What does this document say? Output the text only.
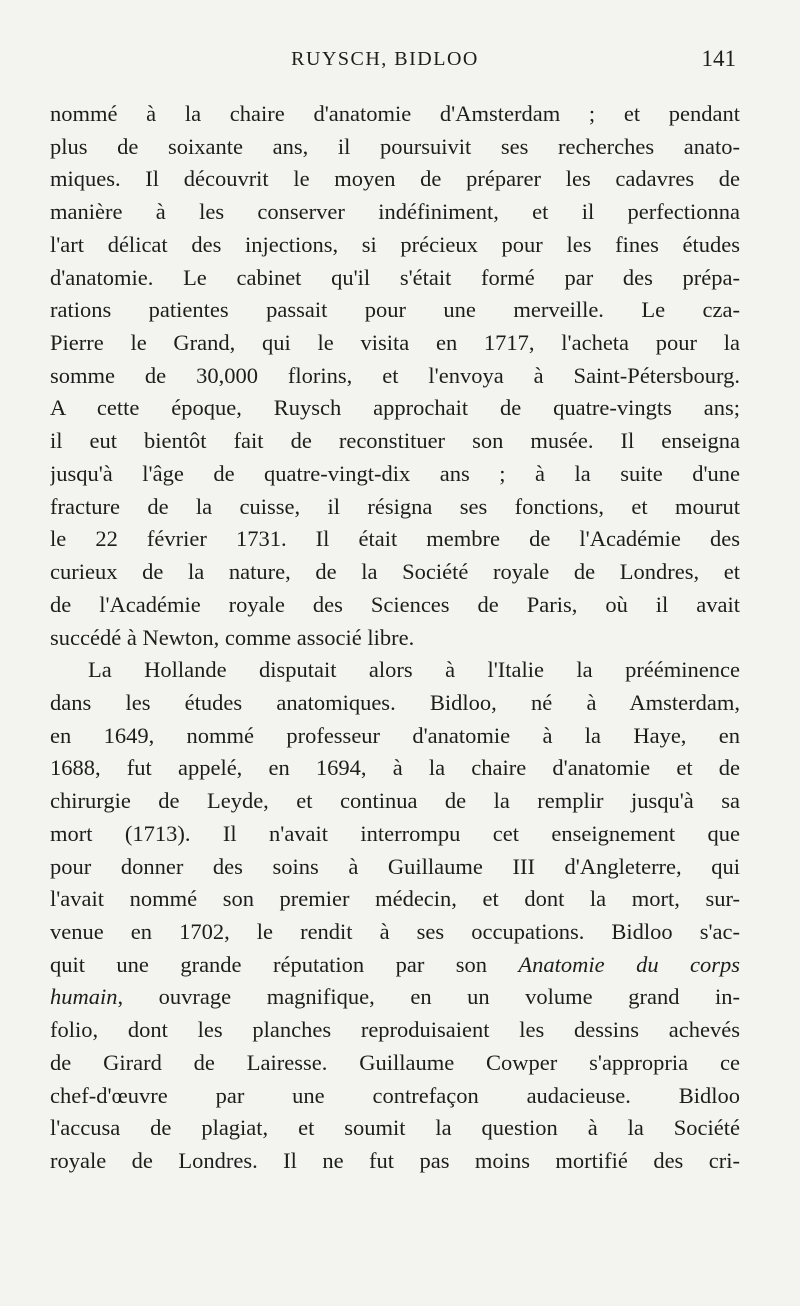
RUYSCH, BIDLOO	141
nommé à la chaire d'anatomie d'Amsterdam ; et pendant
plus de soixante ans, il poursuivit ses recherches anato-
miques. Il découvrit le moyen de préparer les cadavres de
manière à les conserver indéfiniment, et il perfectionna
l'art délicat des injections, si précieux pour les fines études
d'anatomie. Le cabinet qu'il s'était formé par des prépa-
rations patientes passait pour une merveille. Le cza-
Pierre le Grand, qui le visita en 1717, l'acheta pour la
somme de 30,000 florins, et l'envoya à Saint-Pétersbourg.
A cette époque, Ruysch approchait de quatre-vingts ans;
il eut bientôt fait de reconstituer son musée. Il enseigna
jusqu'à l'âge de quatre-vingt-dix ans ; à la suite d'une
fracture de la cuisse, il résigna ses fonctions, et mourut
le 22 février 1731. Il était membre de l'Académie des
curieux de la nature, de la Société royale de Londres, et
de l'Académie royale des Sciences de Paris, où il avait
succédé à Newton, comme associé libre.
La Hollande disputait alors à l'Italie la prééminence
dans les études anatomiques. Bidloo, né à Amsterdam,
en 1649, nommé professeur d'anatomie à la Haye, en
1688, fut appelé, en 1694, à la chaire d'anatomie et de
chirurgie de Leyde, et continua de la remplir jusqu'à sa
mort (1713). Il n'avait interrompu cet enseignement que
pour donner des soins à Guillaume III d'Angleterre, qui
l'avait nommé son premier médecin, et dont la mort, sur-
venue en 1702, le rendit à ses occupations. Bidloo s'ac-
quit une grande réputation par son Anatomie du corps
humain, ouvrage magnifique, en un volume grand in-
folio, dont les planches reproduisaient les dessins achevés
de Girard de Lairesse. Guillaume Cowper s'appropria ce
chef-d'œuvre par une contrefaçon audacieuse. Bidloo
l'accusa de plagiat, et soumit la question à la Société
royale de Londres. Il ne fut pas moins mortifié des cri-
